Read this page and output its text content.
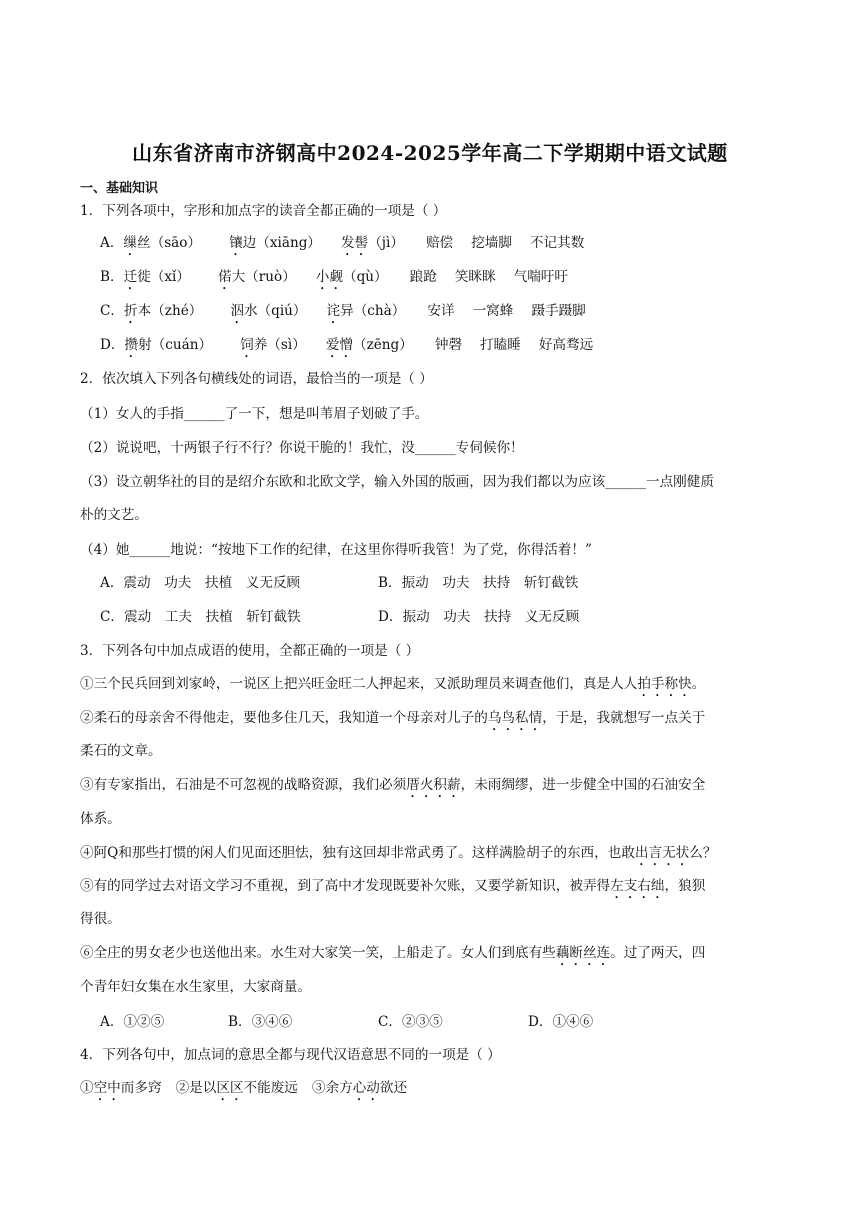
山东省济南市济钢高中2024-2025学年高二下学期期中语文试题
一、基础知识
1．下列各项中，字形和加点字的读音全都正确的一项是（ ）
A．缫丝（sāo） 镶边（xiāng） 发髻（jì） 赔偿 挖墙脚 不记其数
B．迁徙（xǐ） 偌大（ruò） 小觑（qù） 踉跄 笑眯眯 气喘吁吁
C．折本（zhé） 泅水（qiú） 诧异（chà） 安详 一窝蜂 蹑手蹑脚
D．攒射（cuán） 饲养（sì） 爱憎（zēng） 钟磬 打瞌睡 好高骛远
2．依次填入下列各句横线处的词语，最恰当的一项是（ ）
（1）女人的手指______了一下，想是叫苇眉子划破了手。
（2）说说吧，十两银子行不行？你说干脆的！我忙，没______专伺候你！
（3）设立朝华社的目的是绍介东欧和北欧文学，输入外国的版画，因为我们都以为应该______一点刚健质
朴的文艺。
（4）她______地说：“按地下工作的纪律，在这里你得听我管！为了党，你得活着！”
A．震动　功夫　扶植　义无反顾	B．振动　功夫　扶持　斩钉截铁
C．震动　工夫　扶植　斩钉截铁	D．振动　功夫　扶持　义无反顾
3．下列各句中加点成语的使用，全都正确的一项是（ ）
①三个民兵回到刘家岭，一说区上把兴旺金旺二人押起来，又派助理员来调查他们，真是人人拍手称快。
②柔石的母亲舍不得他走，要他多住几天，我知道一个母亲对儿子的乌鸟私情，于是，我就想写一点关于
柔石的文章。
③有专家指出，石油是不可忽视的战略资源，我们必须厝火积薪，未雨绸缪，进一步健全中国的石油安全
体系。
④阿Q和那些打惯的闲人们见面还胆怯，独有这回却非常武勇了。这样满脸胡子的东西，也敢出言无状么？
⑤有的同学过去对语文学习不重视，到了高中才发现既要补欠账，又要学新知识，被弄得左支右绌，狼狈
得很。
⑥全庄的男女老少也送他出来。水生对大家笑一笑，上船走了。女人们到底有些藕断丝连。过了两天，四
个青年妇女集在水生家里，大家商量。
A．①②⑤	B．③④⑥	C．②③⑤	D．①④⑥
4．下列各句中，加点词的意思全都与现代汉语意思不同的一项是（ ）
①空中而多窍 ②是以区区不能废远 ③余方心动欲还
